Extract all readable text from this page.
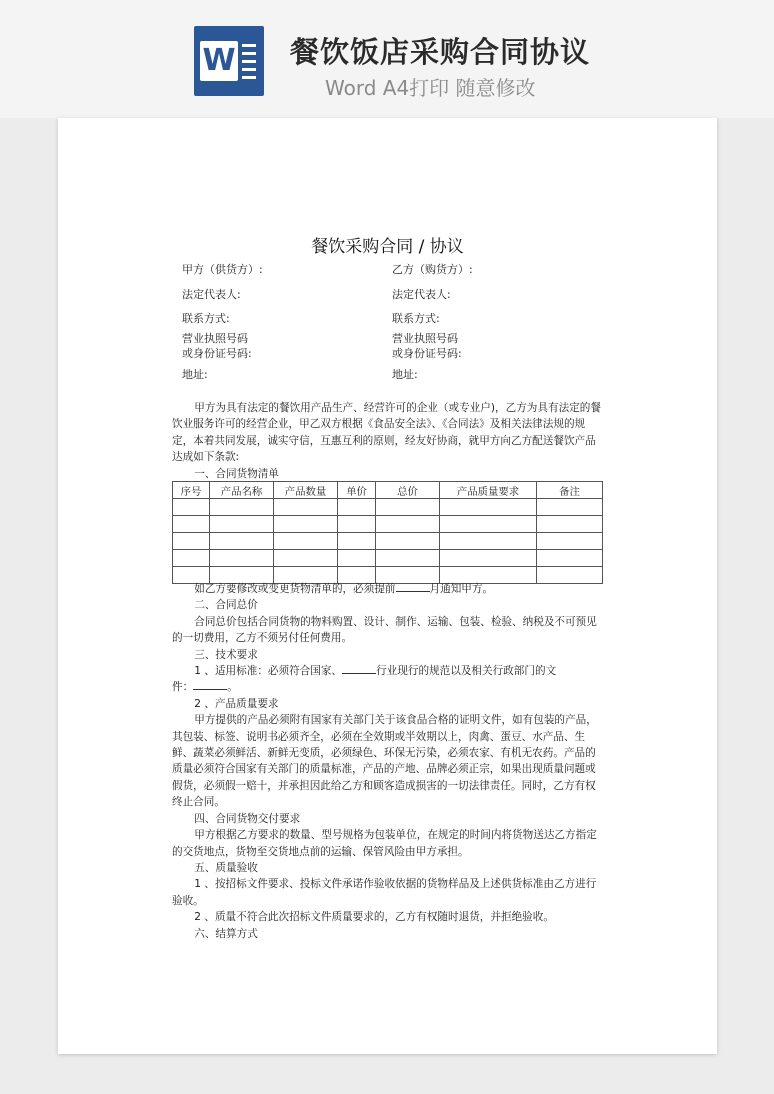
W 餐饮饭店采购合同协议
Word A4打印 随意修改
餐饮采购合同 / 协议
甲方（供货方）:	乙方（购货方）:
法定代表人:	法定代表人:
联系方式:	联系方式:
营业执照号码	营业执照号码
或身份证号码:	或身份证号码:
地址:	地址:

甲方为具有法定的餐饮用产品生产、经营许可的企业（或专业户)，乙方为具有法定的餐饮业服务许可的经营企业，甲乙双方根据《食品安全法》、《合同法》及相关法律法规的规定，本着共同发展，诚实守信，互惠互利的原则，经友好协商，就甲方向乙方配送餐饮产品达成如下条款:

一、合同货物清单

序号	产品名称	产品数量	单价	总价	产品质量要求	备注

如乙方要修改或变更货物清单的，必须提前	月通知甲方。

二、合同总价

合同总价包括合同货物的物料购置、设计、制作、运输、包装、检验、纳税及不可预见的一切费用，乙方不须另付任何费用。

三、技术要求

1 、适用标准：必须符合国家、	行业现行的规范以及相关行政部门的文

件：	。

2 、产品质量要求

甲方提供的产品必须附有国家有关部门关于该食品合格的证明文件，如有包装的产品，其包装、标签、说明书必须齐全，必须在全效期或半效期以上，肉禽、蛋豆、水产品、生鲜、蔬菜必须鲜活、新鲜无变质，必须绿色、环保无污染，必须农家、有机无农药。产品的质量必须符合国家有关部门的质量标准，产品的产地、品牌必须正宗，如果出现质量问题或假货，必须假一赔十，并承担因此给乙方和顾客造成损害的一切法律责任。同时，乙方有权终止合同。

四、合同货物交付要求

甲方根据乙方要求的数量、型号规格为包装单位，在规定的时间内将货物送达乙方指定的交货地点，货物至交货地点前的运输、保管风险由甲方承担。

五、质量验收

1 、按招标文件要求、投标文件承诺作验收依据的货物样品及上述供货标准由乙方进行验收。

2 、质量不符合此次招标文件质量要求的，乙方有权随时退货，并拒绝验收。

六、结算方式
